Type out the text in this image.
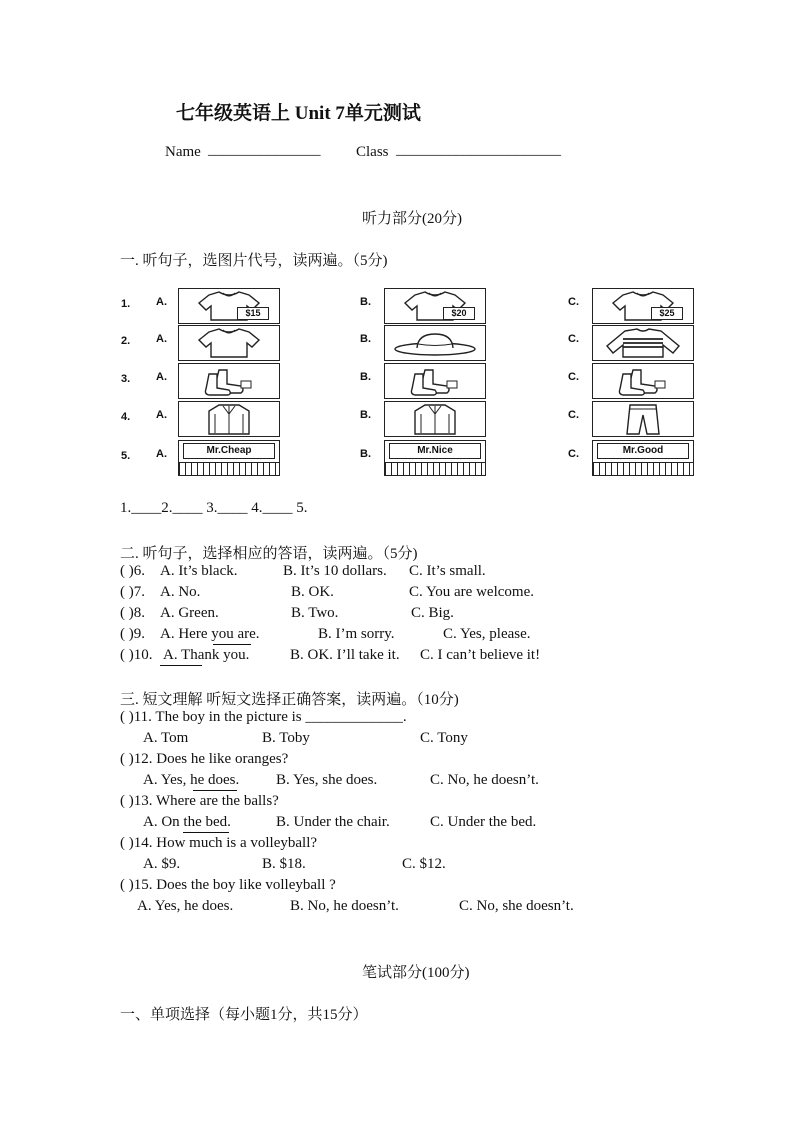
七年级英语上 Unit 7单元测试
Name _______________ Class ______________________
听力部分(20分)
一. 听句子，选图片代号，读两遍。（5分)
1. A.
$15
B.
$20
C.
$25
2. A.	B.	C.
3. A.	B.	C.
4. A.	B.	C.
5. A.	Mr.Cheap	B.	Mr.Nice	C.	Mr.Good
1.____2.____ 3.____ 4.____ 5.
二. 听句子，选择相应的答语，读两遍。（5分)
( )6. A. It’s black.	B. It’s 10 dollars. C. It’s small.
( )7. A. No.	B. OK.	C. You are welcome.
( )8. A. Green.	B. Two.	C. Big.
( )9. A. Here you are.	B. I’m sorry.	C. Yes, please.
( )10. A. Thank you.	B. OK. I’ll take it. C. I can’t believe it!
三. 短文理解 听短文选择正确答案，读两遍。（10分)
( )11. The boy in the picture is _____________.
A. Tom	B. Toby	C. Tony
( )12. Does he like oranges?
A. Yes, he does. B. Yes, she does.	C. No, he doesn’t.
( )13. Where are the balls?
A. On the bed.	B. Under the chair.	C. Under the bed.
( )14. How much is a volleyball?
A. $9.	B. $18.	C. $12.
( )15. Does the boy like volleyball ?
A. Yes, he does.	B. No, he doesn’t.	C. No, she doesn’t.
笔试部分(100分)
一、单项选择（每小题1分，共15分）
